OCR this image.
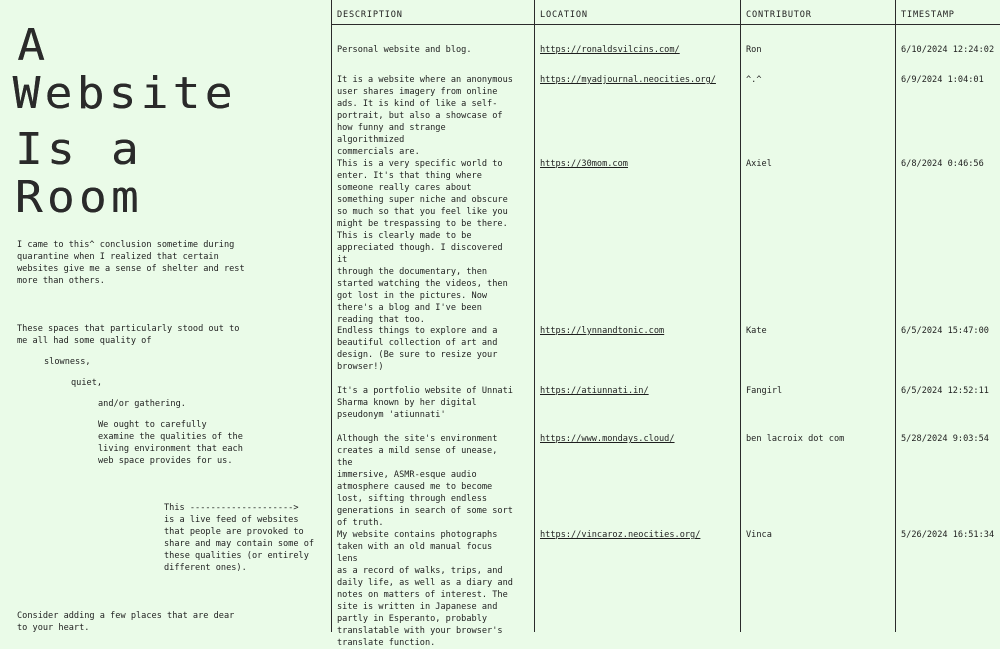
A
Website
Is a
Room
I came to this^ conclusion sometime during
quarantine when I realized that certain
websites give me a sense of shelter and rest
more than others.
These spaces that particularly stood out to
me all had some quality of
slowness,
quiet,
and/or gathering.
We ought to carefully
examine the qualities of the
living environment that each
web space provides for us.
This -------------------->
is a live feed of websites
that people are provoked to
share and may contain some of
these qualities (or entirely
different ones).
Consider adding a few places that are dear
to your heart.
DESCRIPTION	LOCATION	CONTRIBUTOR	TIMESTAMP
Personal website and blog.	https://ronaldsvilcins.com/	Ron	6/10/2024 12:24:02
It is a website where an anonymous
user shares imagery from online
ads. It is kind of like a self-
portrait, but also a showcase of
how funny and strange algorithmized
commercials are.
https://myadjournal.neocities.org/	^.^	6/9/2024 1:04:01
This is a very specific world to
enter. It's that thing where
someone really cares about
something super niche and obscure
so much so that you feel like you
might be trespassing to be there.
This is clearly made to be
appreciated though. I discovered it
through the documentary, then
started watching the videos, then
got lost in the pictures. Now
there's a blog and I've been
reading that too.
https://30mom.com	Axiel	6/8/2024 0:46:56
Endless things to explore and a
beautiful collection of art and
design. (Be sure to resize your
browser!)
https://lynnandtonic.com	Kate	6/5/2024 15:47:00
It's a portfolio website of Unnati
Sharma known by her digital
pseudonym 'atiunnati'
https://atiunnati.in/	Fangirl	6/5/2024 12:52:11
Although the site's environment
creates a mild sense of unease, the
immersive, ASMR-esque audio
atmosphere caused me to become
lost, sifting through endless
generations in search of some sort
of truth.
https://www.mondays.cloud/	ben lacroix dot com	5/28/2024 9:03:54
My website contains photographs
taken with an old manual focus lens
as a record of walks, trips, and
daily life, as well as a diary and
notes on matters of interest. The
site is written in Japanese and
partly in Esperanto, probably
translatable with your browser's
translate function.
https://vincaroz.neocities.org/	Vinca	5/26/2024 16:51:34
